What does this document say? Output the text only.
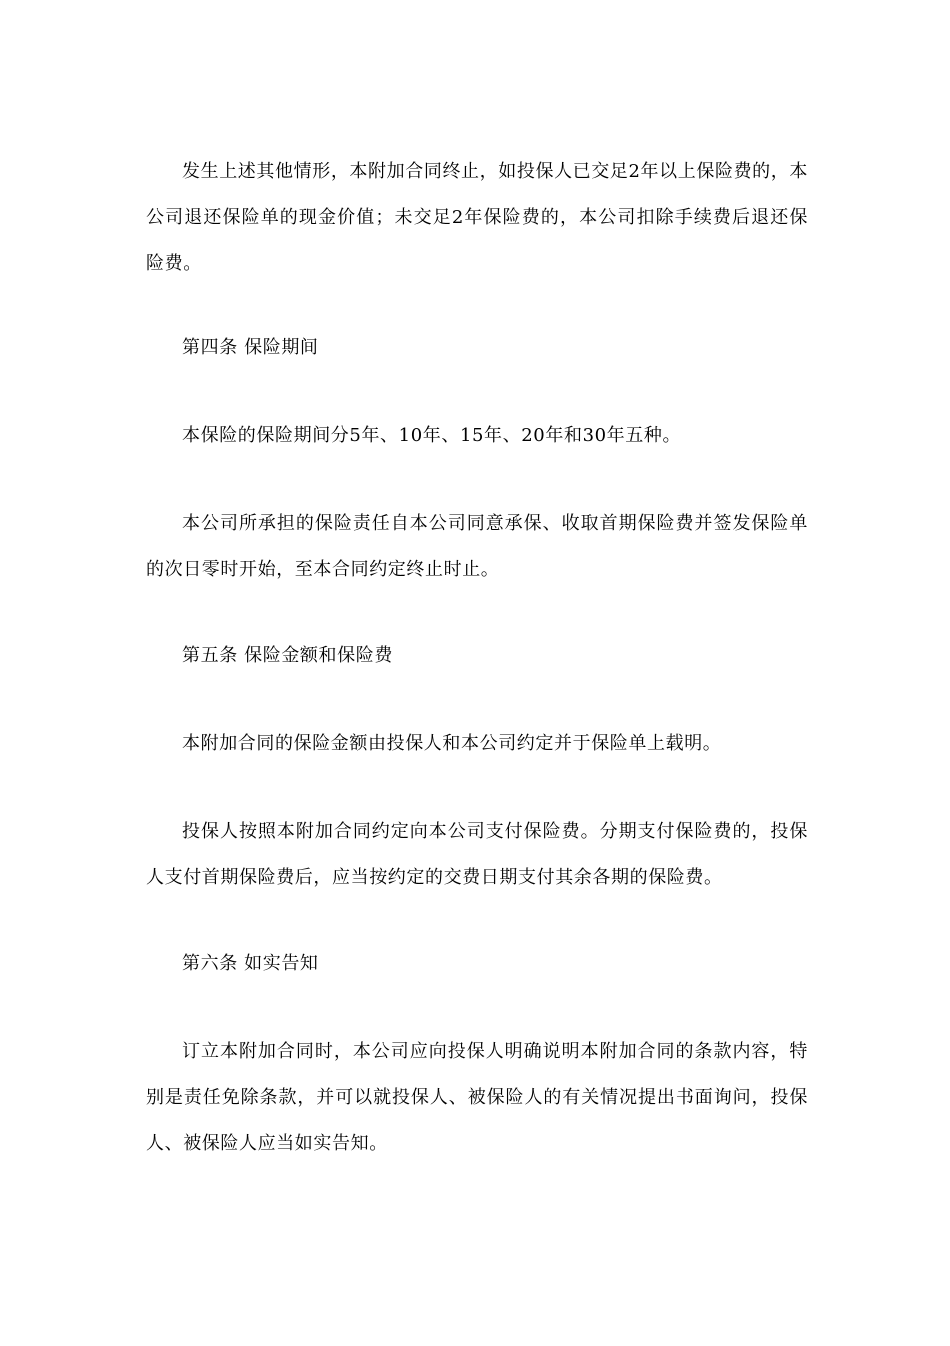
发生上述其他情形，本附加合同终止，如投保人已交足2年以上保险费的，本公司退还保险单的现金价值；未交足2年保险费的，本公司扣除手续费后退还保险费。

第四条 保险期间

本保险的保险期间分5年、10年、15年、20年和30年五种。

本公司所承担的保险责任自本公司同意承保、收取首期保险费并签发保险单的次日零时开始，至本合同约定终止时止。

第五条 保险金额和保险费

本附加合同的保险金额由投保人和本公司约定并于保险单上载明。

投保人按照本附加合同约定向本公司支付保险费。分期支付保险费的，投保人支付首期保险费后，应当按约定的交费日期支付其余各期的保险费。

第六条 如实告知

订立本附加合同时，本公司应向投保人明确说明本附加合同的条款内容，特别是责任免除条款，并可以就投保人、被保险人的有关情况提出书面询问，投保人、被保险人应当如实告知。
